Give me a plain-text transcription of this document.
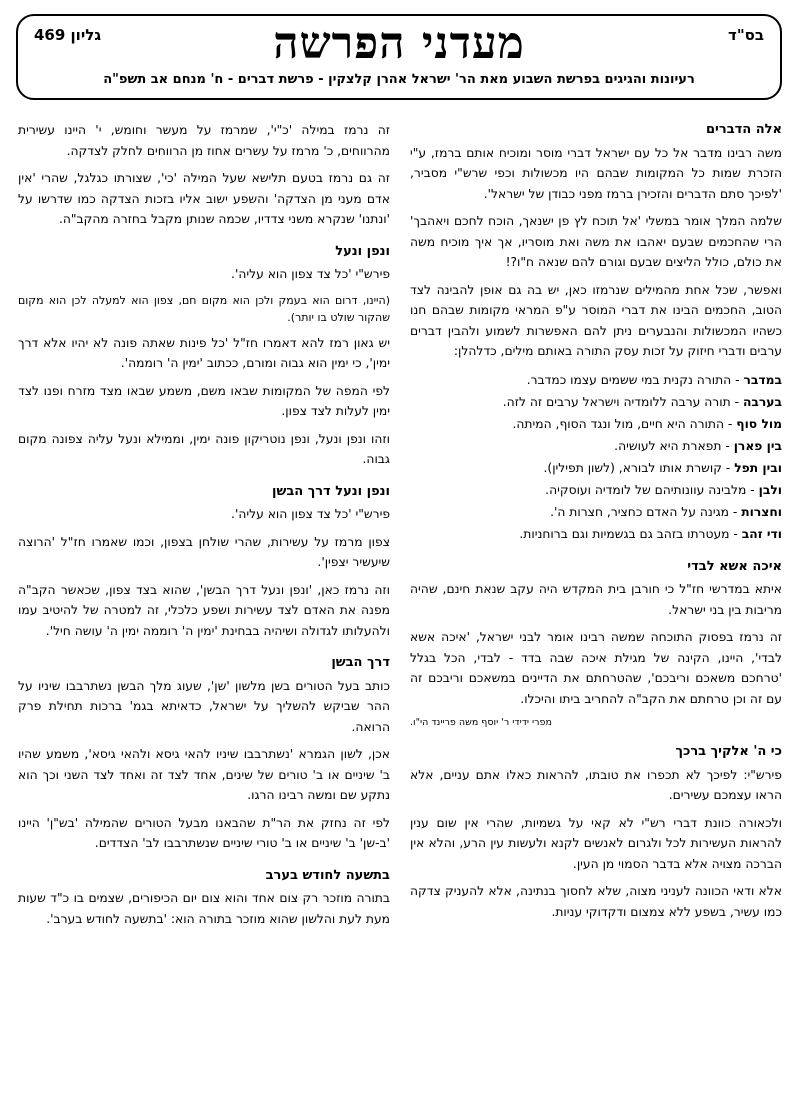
בס"ד
גליון 469	מעדני הפרשה
רעיונות והגיגים בפרשת השבוע מאת הר' ישראל אהרן קלצקין - פרשת דברים - ח' מנחם אב תשפ"ה
אלה הדברים

משה רבינו מדבר אל כל עם ישראל דברי מוסר ומוכיח אותם ברמז, ע"י הזכרת שמות כל המקומות שבהם היו מכשולות וכפי שרש"י מסביר, 'לפיכך סתם הדברים והזכירן ברמז מפני כבודן של ישראל'.

שלמה המלך אומר במשלי 'אל תוכח לץ פן ישנאך, הוכח לחכם ויאהבך' הרי שהחכמים שבעם יאהבו את משה ואת מוסריו, אך איך מוכיח משה את כולם, כולל הליצים שבעם וגורם להם שנאה ח"ו?!

ואפשר, שכל אחת מהמילים שנרמזו כאן, יש בה גם אופן להבינה לצד הטוב, החכמים הבינו את דברי המוסר ע"פ המראי מקומות שבהם חנו כשהיו המכשולות והנבערים ניתן להם האפשרות לשמוע ולהבין דברים ערבים ודברי חיזוק על זכות עסק התורה באותם מילים, כדלהלן:

במדבר - התורה נקנית במי ששמים עצמו כמדבר.
בערבה - תורה ערבה ללומדיה וישראל ערבים זה לזה.
מול סוף - התורה היא חיים, מול ונגד הסוף, המיתה.
בין פארן - תפארת היא לעושיה.
ובין תפל - קושרת אותו לבורא, (לשון תפילין).
ולבן - מלבינה עוונותיהם של לומדיה ועוסקיה.
וחצרות - מגינה על האדם כחציר, חצרות ה'.
ודי זהב - מעטרתו בזהב גם בגשמיות וגם ברוחניות.
איכה אשא לבדי

איתא במדרשי חז"ל כי חורבן בית המקדש היה עקב שנאת חינם, שהיה מריבות בין בני ישראל.

זה נרמז בפסוק התוכחה שמשה רבינו אומר לבני ישראל, 'איכה אשא לבדי', היינו, הקינה של מגילת איכה שבה בדד - לבדי, הכל בגלל 'טרחכם משאכם וריבכם', שהטרחתם את הדיינים במשאכם וריבכם זה עם זה וכן טרחתם את הקב"ה להחריב ביתו והיכלו.

מפרי ידידי ר' יוסף משה פריינד הי"ו.

כי ה' אלקיך ברכך

פירש"י: לפיכך לא תכפרו את טובתו, להראות כאלו אתם עניים, אלא הראו עצמכם עשירים.

ולכאורה כוונת דברי רש"י לא קאי על גשמיות, שהרי אין שום ענין להראות העשירות לכל ולגרום לאנשים לקנא ולעשות עין הרע, והלא אין הברכה מצויה אלא בדבר הסמוי מן העין.

אלא ודאי הכוונה לעניני מצוה, שלא לחסוך בנתינה, אלא להעניק צדקה כמו עשיר, בשפע ללא צמצום ודקדוקי עניות.

זה נרמז במילה 'כ"י', שמרמז על מעשר וחומש, י' היינו עשירית מהרווחים, כ' מרמז על עשרים אחוז מן הרווחים לחלק לצדקה.

זה גם נרמז בטעם תלישא שעל המילה 'כי', שצורתו כגלגל, שהרי 'אין אדם מעני מן הצדקה' והשפע ישוב אליו בזכות הצדקה כמו שדרשו על 'ונתנו' שנקרא משני צדדיו, שכמה שנותן מקבל בחזרה מהקב"ה.

ונפן ונעל

פירש"י 'כל צד צפון הוא עליה'.

(היינו, דרום הוא בעמק ולכן הוא מקום חם, צפון הוא למעלה לכן הוא מקום שהקור שולט בו יותר).

יש גאון רמז להא דאמרו חז"ל 'כל פינות שאתה פונה לא יהיו אלא דרך ימין', כי ימין הוא גבוה ומורם, ככתוב 'ימין ה' רוממה'.

לפי המפה של המקומות שבאו משם, משמע שבאו מצד מזרח ופנו לצד ימין לעלות לצד צפון.

וזהו ונפן ונעל, ונפן נוטריקון פונה ימין, וממילא ונעל עליה צפונה מקום גבוה.

ונפן ונעל דרך הבשן

פירש"י 'כל צד צפון הוא עליה'.

צפון מרמז על עשירות, שהרי שולחן בצפון, וכמו שאמרו חז"ל 'הרוצה שיעשיר יצפין'.

וזה נרמז כאן, 'ונפן ונעל דרך הבשן', שהוא בצד צפון, שכאשר הקב"ה מפנה את האדם לצד עשירות ושפע כלכלי, זה למטרה של להיטיב עמו ולהעלותו לגדולה ושיהיה בבחינת 'ימין ה' רוממה ימין ה' עושה חיל'.

דרך הבשן

כותב בעל הטורים בשן מלשון 'שן', שעוג מלך הבשן נשתרבבו שיניו על ההר שביקש להשליך על ישראל, כדאיתא בגמ' ברכות תחילת פרק הרואה.

אכן, לשון הגמרא 'נשתרבבו שיניו להאי גיסא ולהאי גיסא', משמע שהיו ב' שיניים או ב' טורים של שינים, אחד לצד זה ואחד לצד השני וכך הוא נתקע שם ומשה רבינו הרגו.

לפי זה נחזק את הר"ת שהבאנו מבעל הטורים שהמילה 'בש"ן' היינו 'ב-שן' ב' שיניים או ב' טורי שיניים שנשתרבבו לב' הצדדים.

בתשעה לחודש בערב

בתורה מוזכר רק צום אחד והוא צום יום הכיפורים, שצמים בו כ"ד שעות מעת לעת והלשון שהוא מוזכר בתורה הוא: 'בתשעה לחודש בערב'.
